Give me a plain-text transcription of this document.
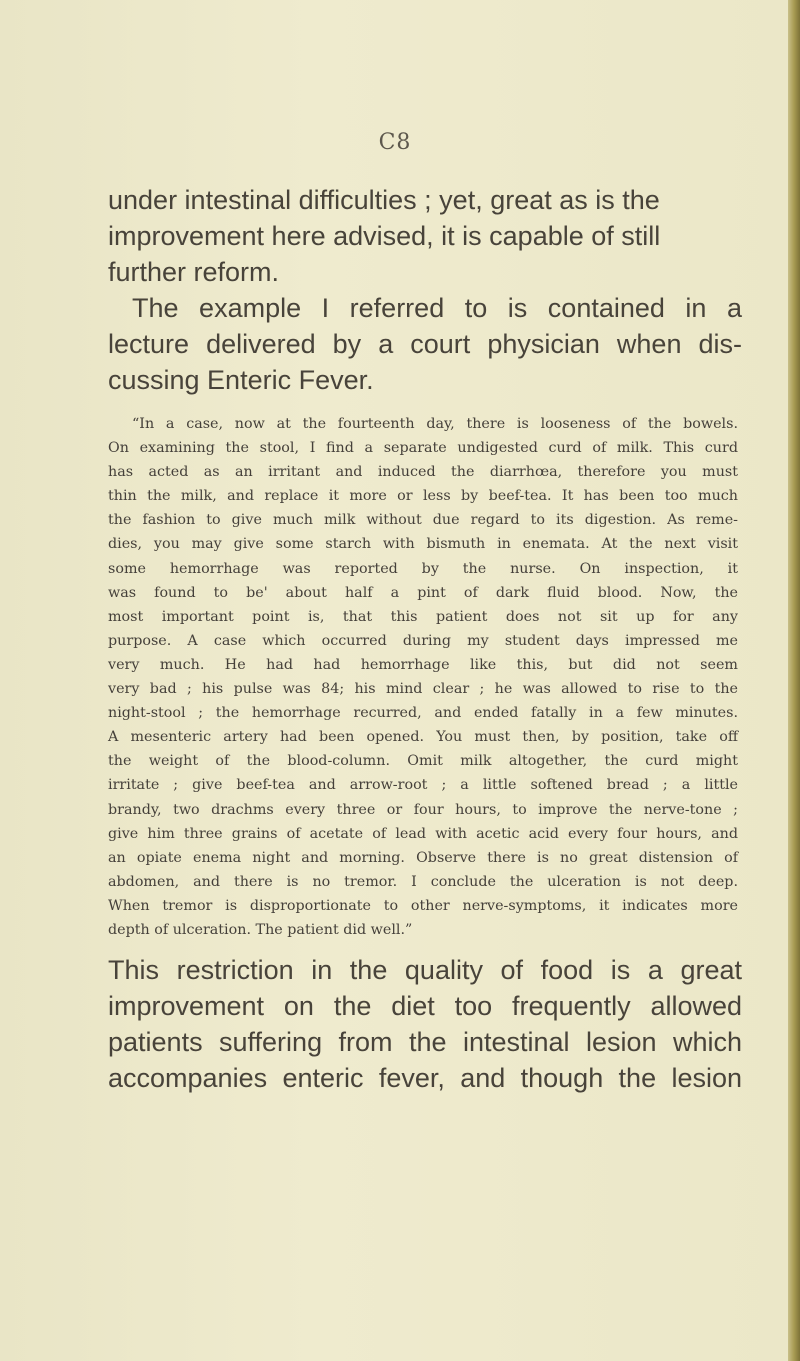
C8

under intestinal difficulties ; yet, great as is the
improvement here advised, it is capable of still
further reform.

The example I referred to is contained in a
lecture delivered by a court physician when dis-
cussing Enteric Fever.

“In a case, now at the fourteenth day, there is looseness of the bowels.
On examining the stool, I find a separate undigested curd of milk. This curd
has acted as an irritant and induced the diarrhœa, therefore you must
thin the milk, and replace it more or less by beef-tea. It has been too much
the fashion to give much milk without due regard to its digestion. As reme-
dies, you may give some starch with bismuth in enemata. At the next visit
some hemorrhage was reported by the nurse. On inspection, it
was found to be' about half a pint of dark fluid blood. Now, the
most important point is, that this patient does not sit up for any
purpose. A case which occurred during my student days impressed me
very much. He had had hemorrhage like this, but did not seem
very bad ; his pulse was 84; his mind clear ; he was allowed to rise to the
night-stool ; the hemorrhage recurred, and ended fatally in a few minutes.
A mesenteric artery had been opened. You must then, by position, take off
the weight of the blood-column. Omit milk altogether, the curd might
irritate ; give beef-tea and arrow-root ; a little softened bread ; a little
brandy, two drachms every three or four hours, to improve the nerve-tone ;
give him three grains of acetate of lead with acetic acid every four hours, and
an opiate enema night and morning. Observe there is no great distension of
abdomen, and there is no tremor. I conclude the ulceration is not deep.
When tremor is disproportionate to other nerve-symptoms, it indicates more
depth of ulceration. The patient did well.”

This restriction in the quality of food is a great
improvement on the diet too frequently allowed
patients suffering from the intestinal lesion which
accompanies enteric fever, and though the lesion
